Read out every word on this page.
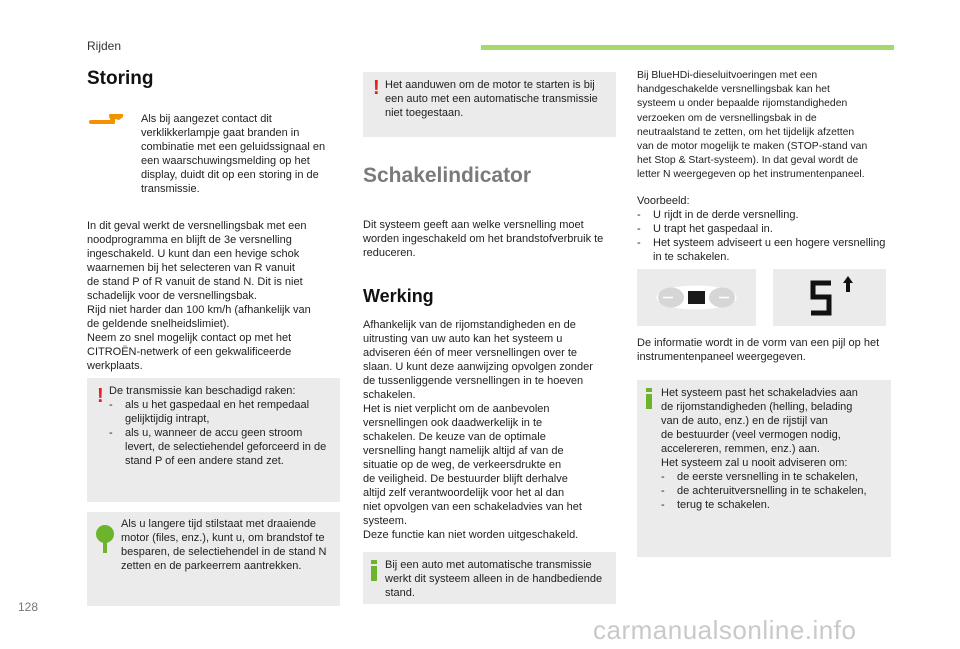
Rijden
Storing

Als bij aangezet contact dit verklikkerlampje gaat branden in combinatie met een geluidssignaal en een waarschuwingsmelding op het display, duidt dit op een storing in de transmissie.

In dit geval werkt de versnellingsbak met een
noodprogramma en blijft de 3e versnelling
ingeschakeld. U kunt dan een hevige schok
waarnemen bij het selecteren van R vanuit
de stand P of R vanuit de stand N. Dit is niet
schadelijk voor de versnellingsbak.
Rijd niet harder dan 100 km/h (afhankelijk van
de geldende snelheidslimiet).
Neem zo snel mogelijk contact op met het
CITROËN-netwerk of een gekwalificeerde
werkplaats.
! De transmissie kan beschadigd raken:
- als u het gaspedaal en het rempedaal gelijktijdig intrapt,
- als u, wanneer de accu geen stroom levert, de selectiehendel geforceerd in de stand P of een andere stand zet.
Als u langere tijd stilstaat met draaiende motor (files, enz.), kunt u, om brandstof te besparen, de selectiehendel in de stand N zetten en de parkeerrem aantrekken.
! Het aanduwen om de motor te starten is bij een auto met een automatische transmissie niet toegestaan.
Schakelindicator

Dit systeem geeft aan welke versnelling moet worden ingeschakeld om het brandstofverbruik te reduceren.

Werking
Afhankelijk van de rijomstandigheden en de
uitrusting van uw auto kan het systeem u
adviseren één of meer versnellingen over te
slaan. U kunt deze aanwijzing opvolgen zonder
de tussenliggende versnellingen in te hoeven
schakelen.
Het is niet verplicht om de aanbevolen
versnellingen ook daadwerkelijk in te
schakelen. De keuze van de optimale
versnelling hangt namelijk altijd af van de
situatie op de weg, de verkeersdrukte en
de veiligheid. De bestuurder blijft derhalve
altijd zelf verantwoordelijk voor het al dan
niet opvolgen van een schakeladvies van het
systeem.
Deze functie kan niet worden uitgeschakeld.
Bij een auto met automatische transmissie werkt dit systeem alleen in de handbediende stand.
Bij BlueHDi-dieseluitvoeringen met een
handgeschakelde versnellingsbak kan het
systeem u onder bepaalde rijomstandigheden
verzoeken om de versnellingsbak in de
neutraalstand te zetten, om het tijdelijk afzetten
van de motor mogelijk te maken (STOP-stand van
het Stop & Start-systeem). In dat geval wordt de
letter N weergegeven op het instrumentenpaneel.
Voorbeeld:
- U rijdt in de derde versnelling.
- U trapt het gaspedaal in.
- Het systeem adviseert u een hogere versnelling in te schakelen.

De informatie wordt in de vorm van een pijl op het instrumentenpaneel weergegeven.

Het systeem past het schakeladvies aan
de rijomstandigheden (helling, belading
van de auto, enz.) en de rijstijl van
de bestuurder (veel vermogen nodig,
accelereren, remmen, enz.) aan.
Het systeem zal u nooit adviseren om:
- de eerste versnelling in te schakelen,
- de achteruitversnelling in te schakelen,
- terug te schakelen.
128
carmanualsonline.info
